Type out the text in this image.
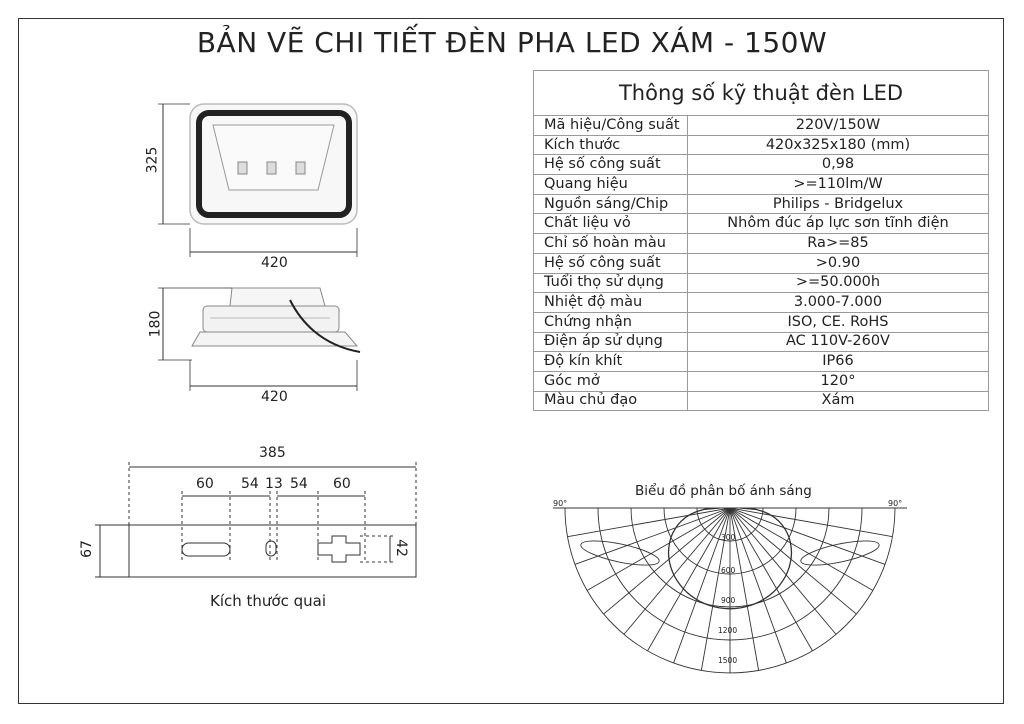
BẢN VẼ CHI TIẾT ĐÈN PHA LED XÁM - 150W
Thông số kỹ thuật đèn LED	
Mã hiệu/Công suất	220V/150W
Kích thước	420x325x180 (mm)
Hệ số công suất	0,98
Quang hiệu	>=110lm/W
Nguồn sáng/Chip	Philips - Bridgelux
Chất liệu vỏ	Nhôm đúc áp lực sơn tĩnh điện
Chỉ số hoàn màu	Ra>=85
Hệ số công suất	>0.90
Tuổi thọ sử dụng	>=50.000h
Nhiệt độ màu	3.000-7.000
Chứng nhận	ISO, CE. RoHS
Điện áp sử dụng	AC 110V-260V
Độ kín khít	IP66
Góc mở	120°
Màu chủ đạo	Xám
325
420
180
420
385
60 54 13 54 60
67	42
Kích thước quai
Biểu đồ phân bố ánh sáng
90°	90°
300
600
900
1200
1500
